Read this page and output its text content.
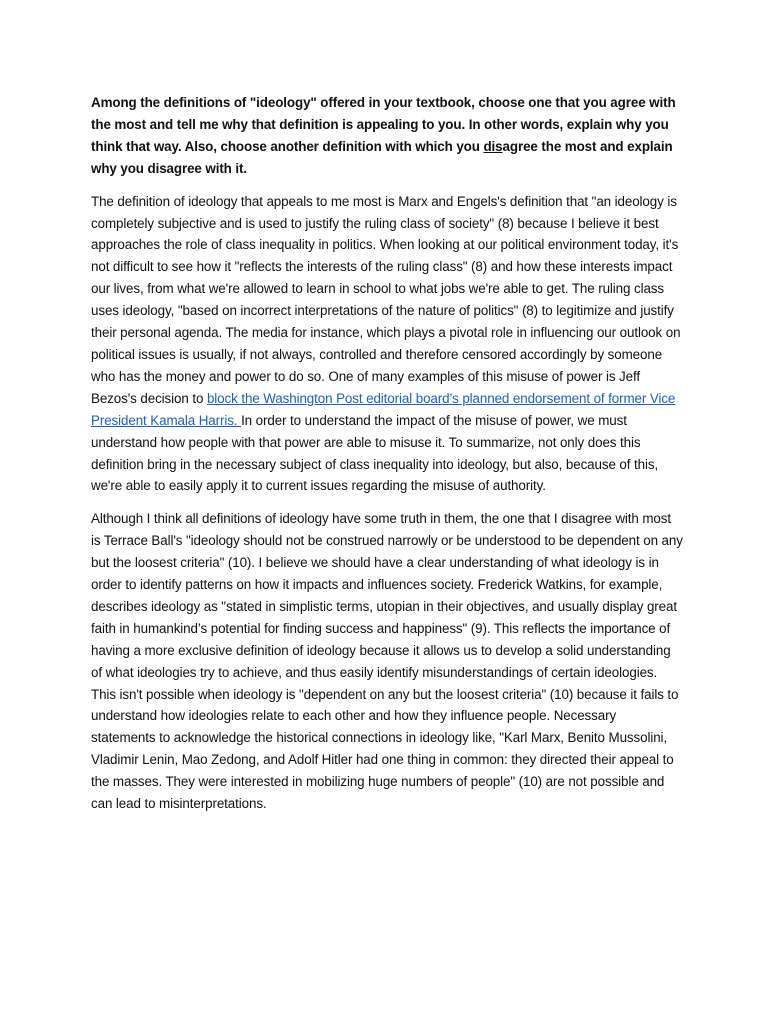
Among the definitions of "ideology" offered in your textbook, choose one that you agree with the most and tell me why that definition is appealing to you. In other words, explain why you think that way. Also, choose another definition with which you disagree the most and explain why you disagree with it.

The definition of ideology that appeals to me most is Marx and Engels's definition that "an ideology is completely subjective and is used to justify the ruling class of society" (8) because I believe it best approaches the role of class inequality in politics. When looking at our political environment today, it's not difficult to see how it "reflects the interests of the ruling class" (8) and how these interests impact our lives, from what we're allowed to learn in school to what jobs we're able to get. The ruling class uses ideology, "based on incorrect interpretations of the nature of politics" (8) to legitimize and justify their personal agenda. The media for instance, which plays a pivotal role in influencing our outlook on political issues is usually, if not always, controlled and therefore censored accordingly by someone who has the money and power to do so. One of many examples of this misuse of power is Jeff Bezos's decision to block the Washington Post editorial board’s planned endorsement of former Vice President Kamala Harris. In order to understand the impact of the misuse of power, we must understand how people with that power are able to misuse it. To summarize, not only does this definition bring in the necessary subject of class inequality into ideology, but also, because of this, we're able to easily apply it to current issues regarding the misuse of authority.

Although I think all definitions of ideology have some truth in them, the one that I disagree with most is Terrace Ball's "ideology should not be construed narrowly or be understood to be dependent on any but the loosest criteria" (10). I believe we should have a clear understanding of what ideology is in order to identify patterns on how it impacts and influences society. Frederick Watkins, for example, describes ideology as "stated in simplistic terms, utopian in their objectives, and usually display great faith in humankind’s potential for finding success and happiness" (9). This reflects the importance of having a more exclusive definition of ideology because it allows us to develop a solid understanding of what ideologies try to achieve, and thus easily identify misunderstandings of certain ideologies. This isn't possible when ideology is "dependent on any but the loosest criteria" (10) because it fails to understand how ideologies relate to each other and how they influence people. Necessary statements to acknowledge the historical connections in ideology like, "Karl Marx, Benito Mussolini, Vladimir Lenin, Mao Zedong, and Adolf Hitler had one thing in common: they directed their appeal to the masses. They were interested in mobilizing huge numbers of people" (10) are not possible and can lead to misinterpretations.
